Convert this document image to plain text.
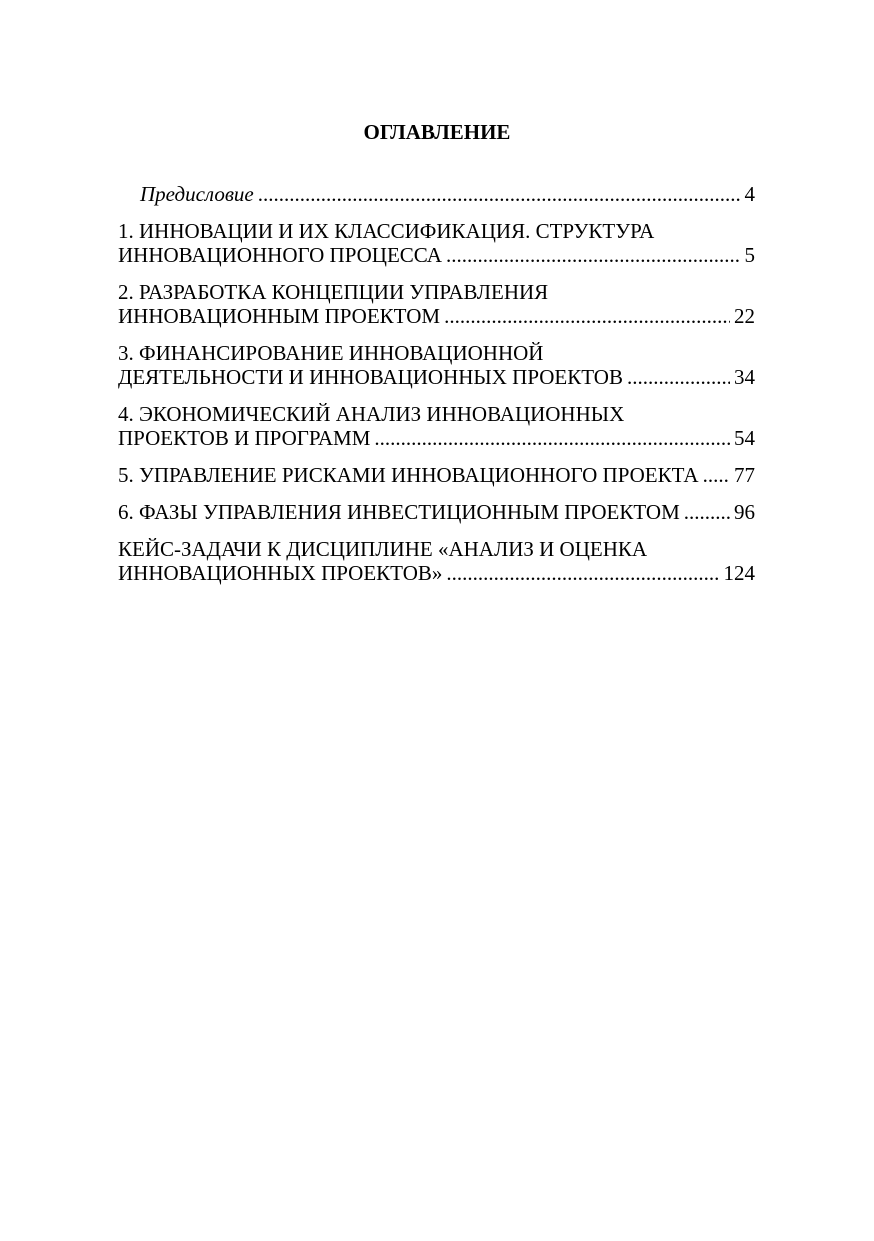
ОГЛАВЛЕНИЕ
Предисловие .....	4
1. ИННОВАЦИИ И ИХ КЛАССИФИКАЦИЯ. СТРУКТУРА
ИННОВАЦИОННОГО ПРОЦЕССА .....	5
2. РАЗРАБОТКА КОНЦЕПЦИИ УПРАВЛЕНИЯ
ИННОВАЦИОННЫМ ПРОЕКТОМ .....	22
3. ФИНАНСИРОВАНИЕ ИННОВАЦИОННОЙ
ДЕЯТЕЛЬНОСТИ И ИННОВАЦИОННЫХ ПРОЕКТОВ .....	34
4. ЭКОНОМИЧЕСКИЙ АНАЛИЗ ИННОВАЦИОННЫХ
ПРОЕКТОВ И ПРОГРАММ .....	54
5. УПРАВЛЕНИЕ РИСКАМИ ИННОВАЦИОННОГО ПРОЕКТА ..... 77
6. ФАЗЫ УПРАВЛЕНИЯ ИНВЕСТИЦИОННЫМ ПРОЕКТОМ .....	96
КЕЙС-ЗАДАЧИ К ДИСЦИПЛИНЕ «АНАЛИЗ И ОЦЕНКА
ИННОВАЦИОННЫХ ПРОЕКТОВ» .....	124
